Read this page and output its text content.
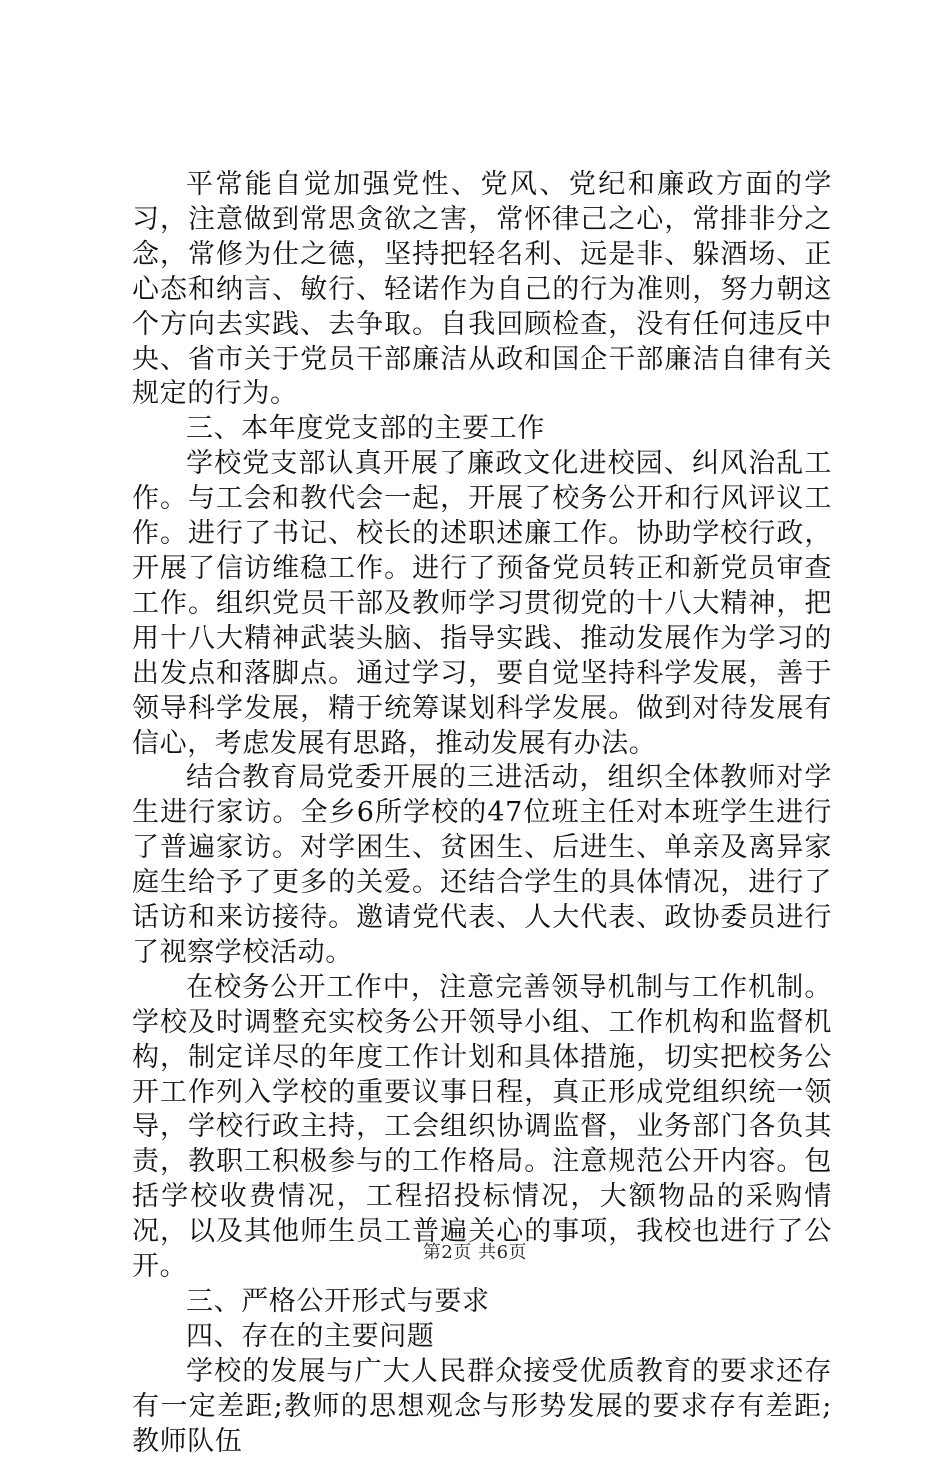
平常能自觉加强党性、党风、党纪和廉政方面的学习，注意做到常思贪欲之害，常怀律己之心，常排非分之念，常修为仕之德，坚持把轻名利、远是非、躲酒场、正心态和纳言、敏行、轻诺作为自己的行为准则，努力朝这个方向去实践、去争取。自我回顾检查，没有任何违反中央、省市关于党员干部廉洁从政和国企干部廉洁自律有关规定的行为。

三、本年度党支部的主要工作

学校党支部认真开展了廉政文化进校园、纠风治乱工作。与工会和教代会一起，开展了校务公开和行风评议工作。进行了书记、校长的述职述廉工作。协助学校行政，开展了信访维稳工作。进行了预备党员转正和新党员审查工作。组织党员干部及教师学习贯彻党的十八大精神，把用十八大精神武装头脑、指导实践、推动发展作为学习的出发点和落脚点。通过学习，要自觉坚持科学发展，善于领导科学发展，精于统筹谋划科学发展。做到对待发展有信心，考虑发展有思路，推动发展有办法。

结合教育局党委开展的三进活动，组织全体教师对学生进行家访。全乡6所学校的47位班主任对本班学生进行了普遍家访。对学困生、贫困生、后进生、单亲及离异家庭生给予了更多的关爱。还结合学生的具体情况，进行了话访和来访接待。邀请党代表、人大代表、政协委员进行了视察学校活动。

在校务公开工作中，注意完善领导机制与工作机制。学校及时调整充实校务公开领导小组、工作机构和监督机构，制定详尽的年度工作计划和具体措施，切实把校务公开工作列入学校的重要议事日程，真正形成党组织统一领导，学校行政主持，工会组织协调监督，业务部门各负其责，教职工积极参与的工作格局。注意规范公开内容。包括学校收费情况，工程招投标情况，大额物品的采购情况，以及其他师生员工普遍关心的事项，我校也进行了公开。

三、严格公开形式与要求

四、存在的主要问题

学校的发展与广大人民群众接受优质教育的要求还存有一定差距;教师的思想观念与形势发展的要求存有差距;教师队伍

第2页 共6页
